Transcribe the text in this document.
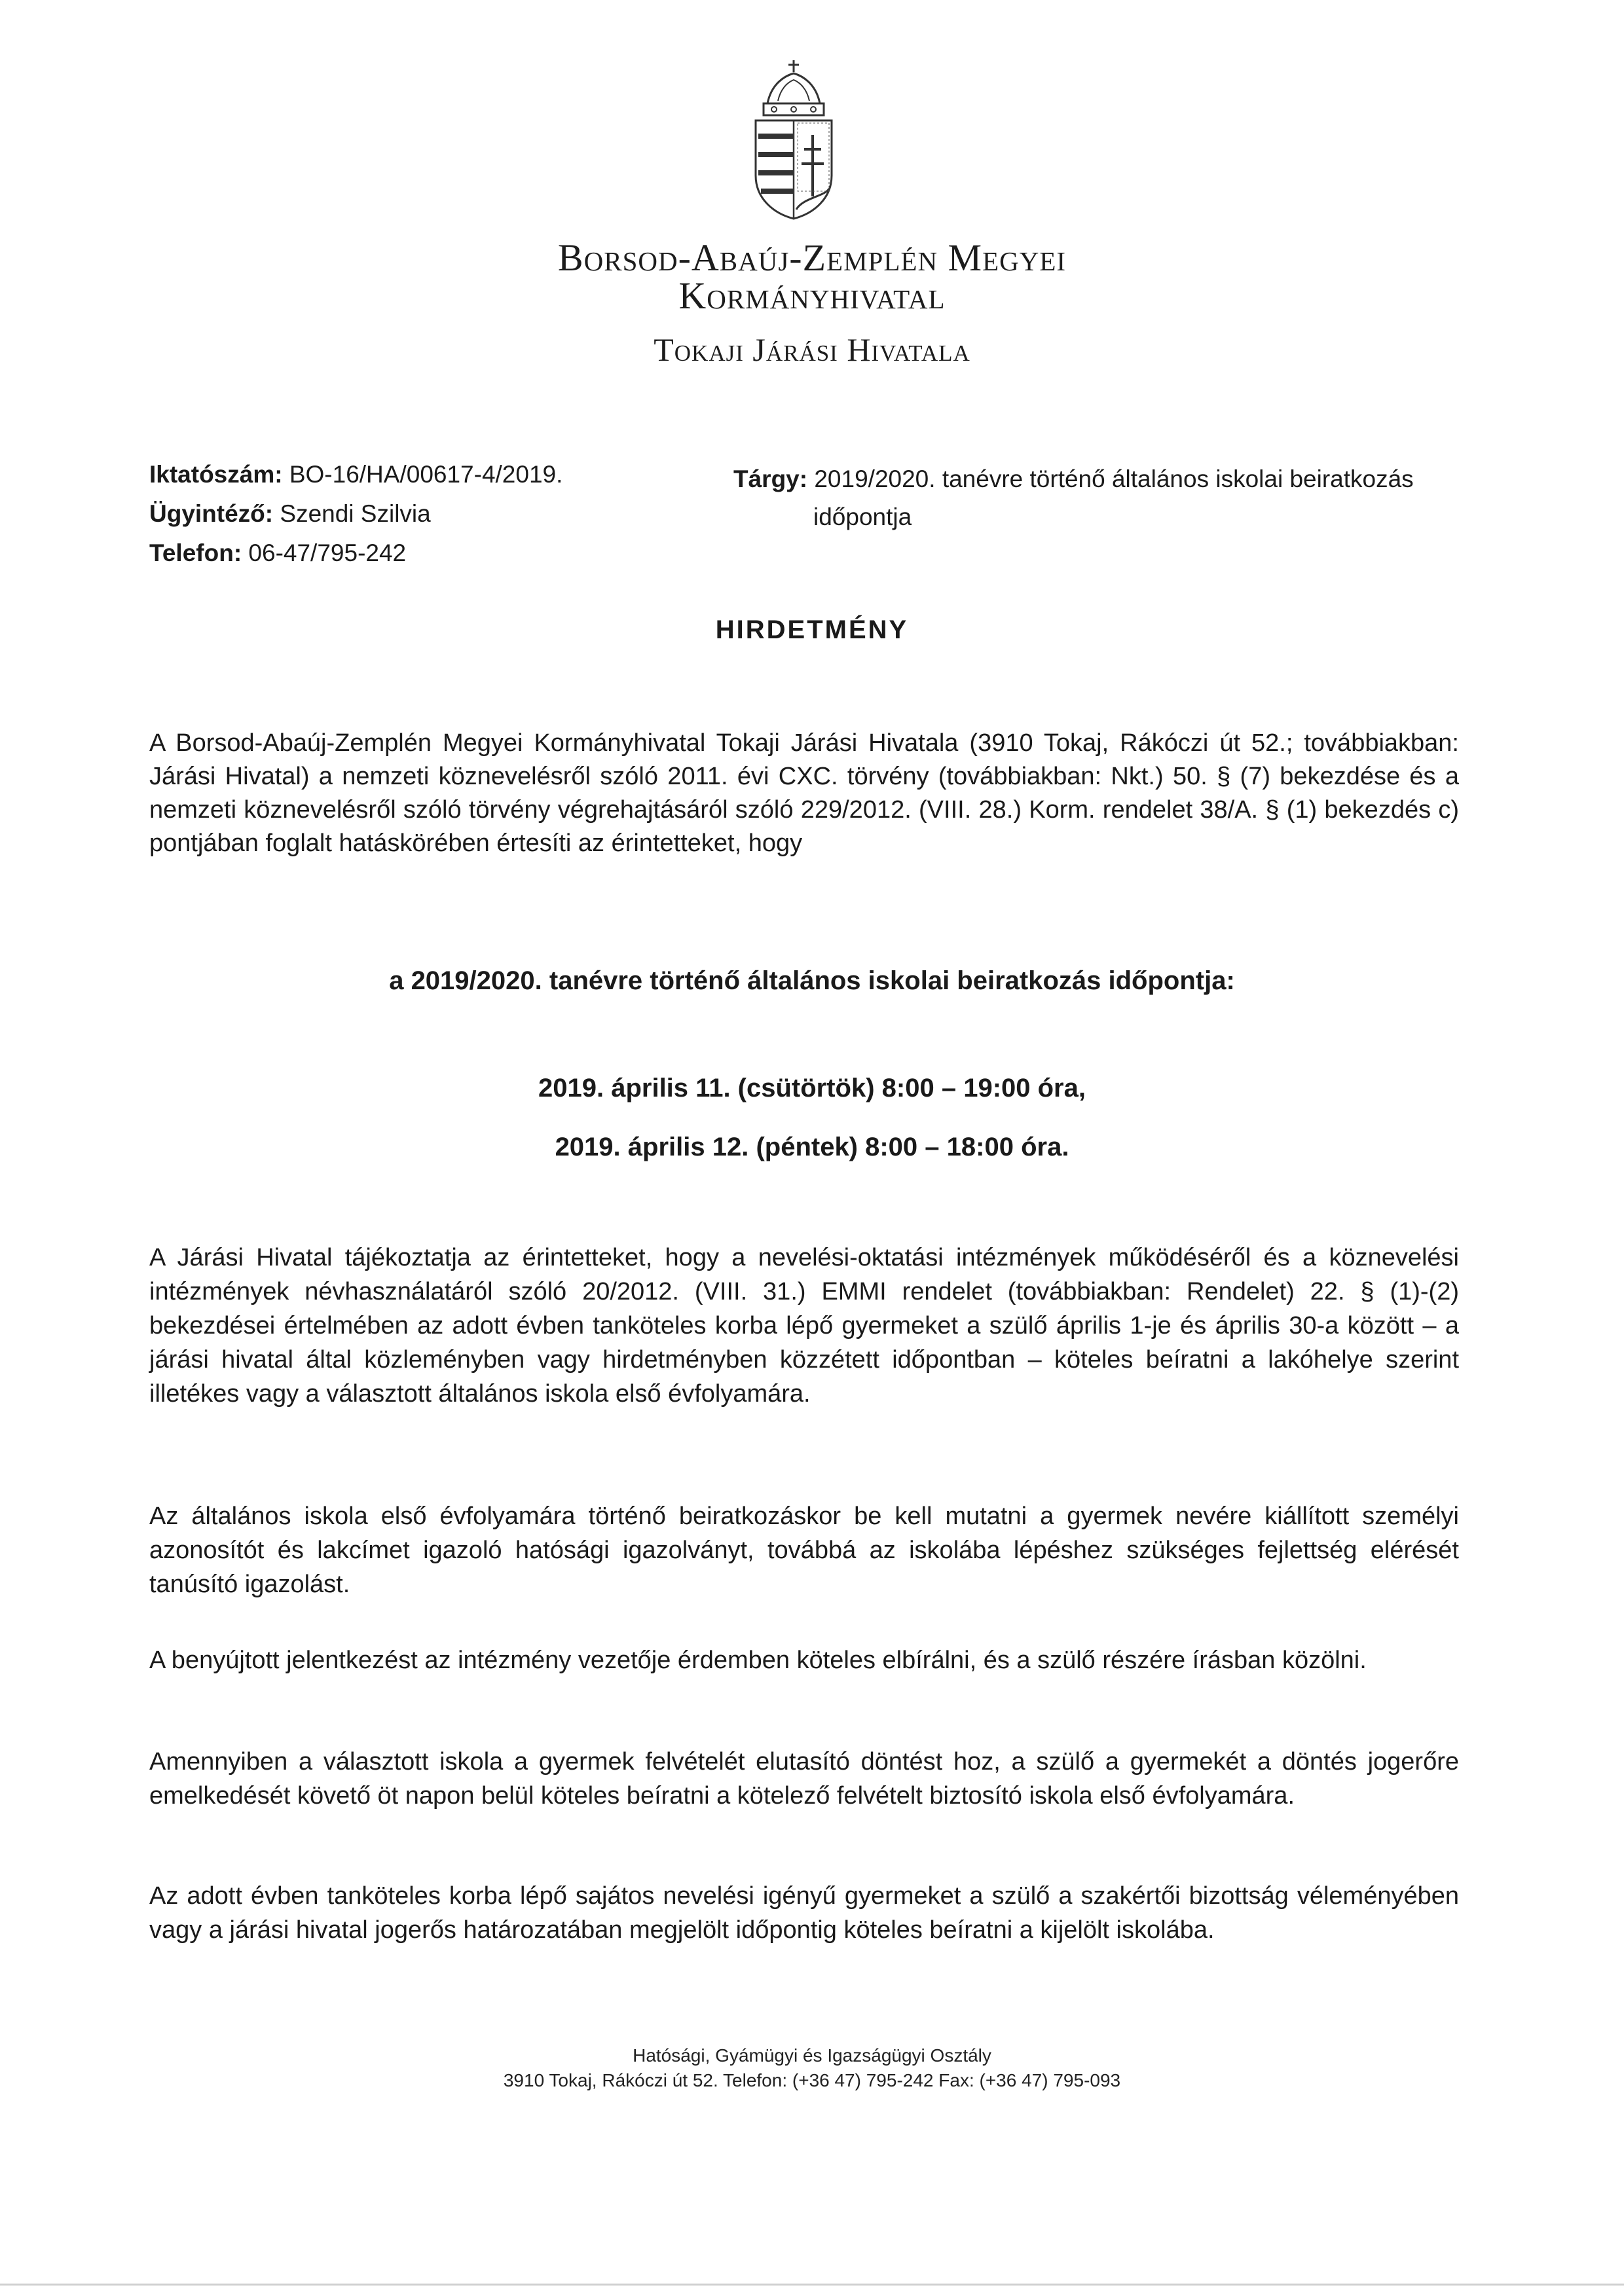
Borsod-Abaúj-Zemplén Megyei
Kormányhivatal
Tokaji Járási Hivatala
Iktatószám: BO-16/HA/00617-4/2019.
Ügyintéző: Szendi Szilvia
Telefon: 06-47/795-242
Tárgy: 2019/2020. tanévre történő általános iskolai beiratkozás
időpontja
HIRDETMÉNY
A Borsod-Abaúj-Zemplén Megyei Kormányhivatal Tokaji Járási Hivatala (3910 Tokaj, Rákóczi út 52.; továbbiakban: Járási Hivatal) a nemzeti köznevelésről szóló 2011. évi CXC. törvény (továbbiakban: Nkt.) 50. § (7) bekezdése és a nemzeti köznevelésről szóló törvény végrehajtásáról szóló 229/2012. (VIII. 28.) Korm. rendelet 38/A. § (1) bekezdés c) pontjában foglalt hatáskörében értesíti az érintetteket, hogy
a 2019/2020. tanévre történő általános iskolai beiratkozás időpontja:
2019. április 11. (csütörtök) 8:00 – 19:00 óra,
2019. április 12. (péntek) 8:00 – 18:00 óra.
A Járási Hivatal tájékoztatja az érintetteket, hogy a nevelési-oktatási intézmények működéséről és a köznevelési intézmények névhasználatáról szóló 20/2012. (VIII. 31.) EMMI rendelet (továbbiakban: Rendelet) 22. § (1)-(2) bekezdései értelmében az adott évben tanköteles korba lépő gyermeket a szülő április 1-je és április 30-a között – a járási hivatal által közleményben vagy hirdetményben közzétett időpontban – köteles beíratni a lakóhelye szerint illetékes vagy a választott általános iskola első évfolyamára.
Az általános iskola első évfolyamára történő beiratkozáskor be kell mutatni a gyermek nevére kiállított személyi azonosítót és lakcímet igazoló hatósági igazolványt, továbbá az iskolába lépéshez szükséges fejlettség elérését tanúsító igazolást.
A benyújtott jelentkezést az intézmény vezetője érdemben köteles elbírálni, és a szülő részére írásban közölni.
Amennyiben a választott iskola a gyermek felvételét elutasító döntést hoz, a szülő a gyermekét a döntés jogerőre emelkedését követő öt napon belül köteles beíratni a kötelező felvételt biztosító iskola első évfolyamára.
Az adott évben tanköteles korba lépő sajátos nevelési igényű gyermeket a szülő a szakértői bizottság véleményében vagy a járási hivatal jogerős határozatában megjelölt időpontig köteles beíratni a kijelölt iskolába.
Hatósági, Gyámügyi és Igazságügyi Osztály
3910 Tokaj, Rákóczi út 52. Telefon: (+36 47) 795-242 Fax: (+36 47) 795-093
